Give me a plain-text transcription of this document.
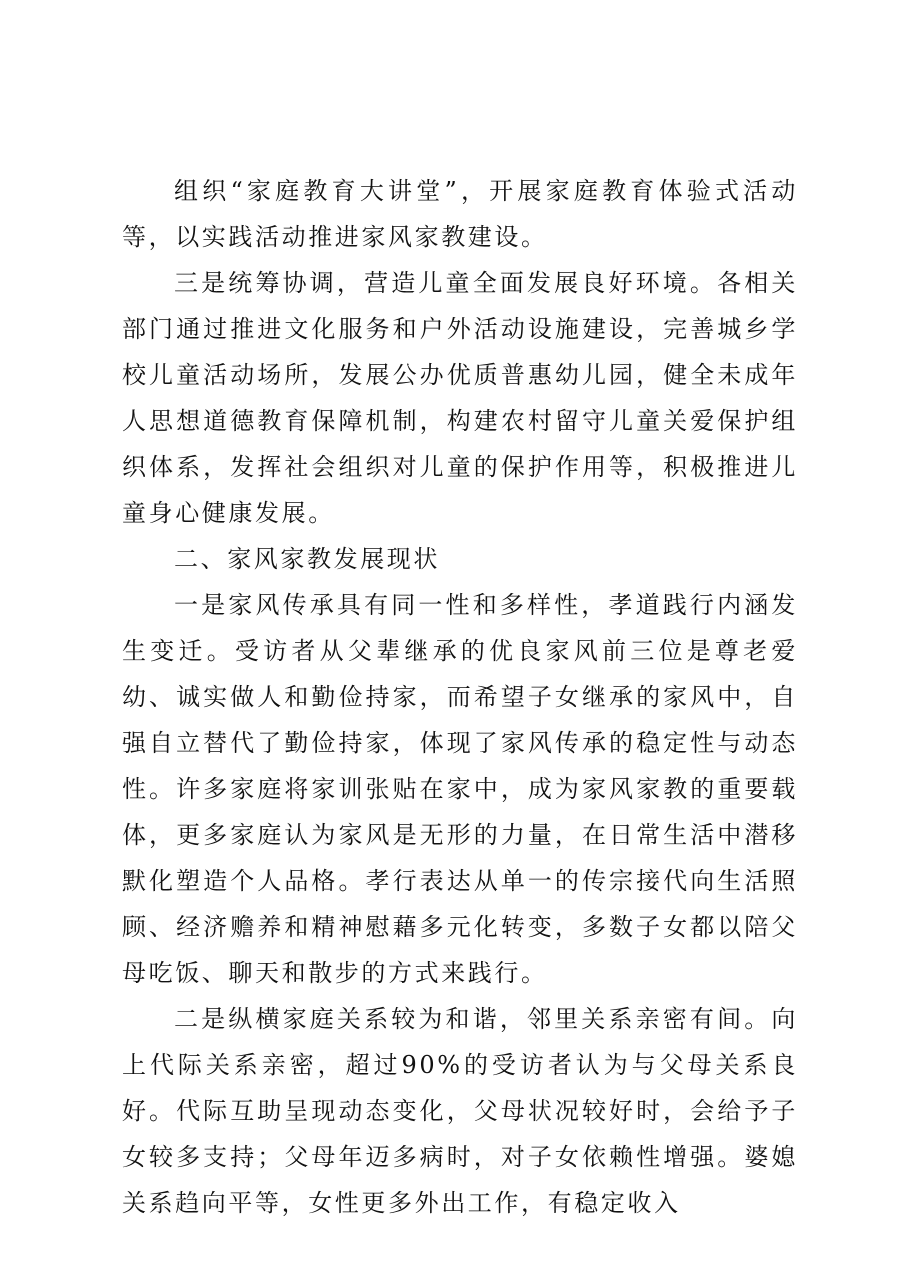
组织“家庭教育大讲堂”，开展家庭教育体验式活动等，以实践活动推进家风家教建设。

三是统筹协调，营造儿童全面发展良好环境。各相关部门通过推进文化服务和户外活动设施建设，完善城乡学校儿童活动场所，发展公办优质普惠幼儿园，健全未成年人思想道德教育保障机制，构建农村留守儿童关爱保护组织体系，发挥社会组织对儿童的保护作用等，积极推进儿童身心健康发展。

二、家风家教发展现状

一是家风传承具有同一性和多样性，孝道践行内涵发生变迁。受访者从父辈继承的优良家风前三位是尊老爱幼、诚实做人和勤俭持家，而希望子女继承的家风中，自强自立替代了勤俭持家，体现了家风传承的稳定性与动态性。许多家庭将家训张贴在家中，成为家风家教的重要载体，更多家庭认为家风是无形的力量，在日常生活中潜移默化塑造个人品格。孝行表达从单一的传宗接代向生活照顾、经济赡养和精神慰藉多元化转变，多数子女都以陪父母吃饭、聊天和散步的方式来践行。

二是纵横家庭关系较为和谐，邻里关系亲密有间。向上代际关系亲密，超过90%的受访者认为与父母关系良好。代际互助呈现动态变化，父母状况较好时，会给予子女较多支持；父母年迈多病时，对子女依赖性增强。婆媳关系趋向平等，女性更多外出工作，有稳定收入
